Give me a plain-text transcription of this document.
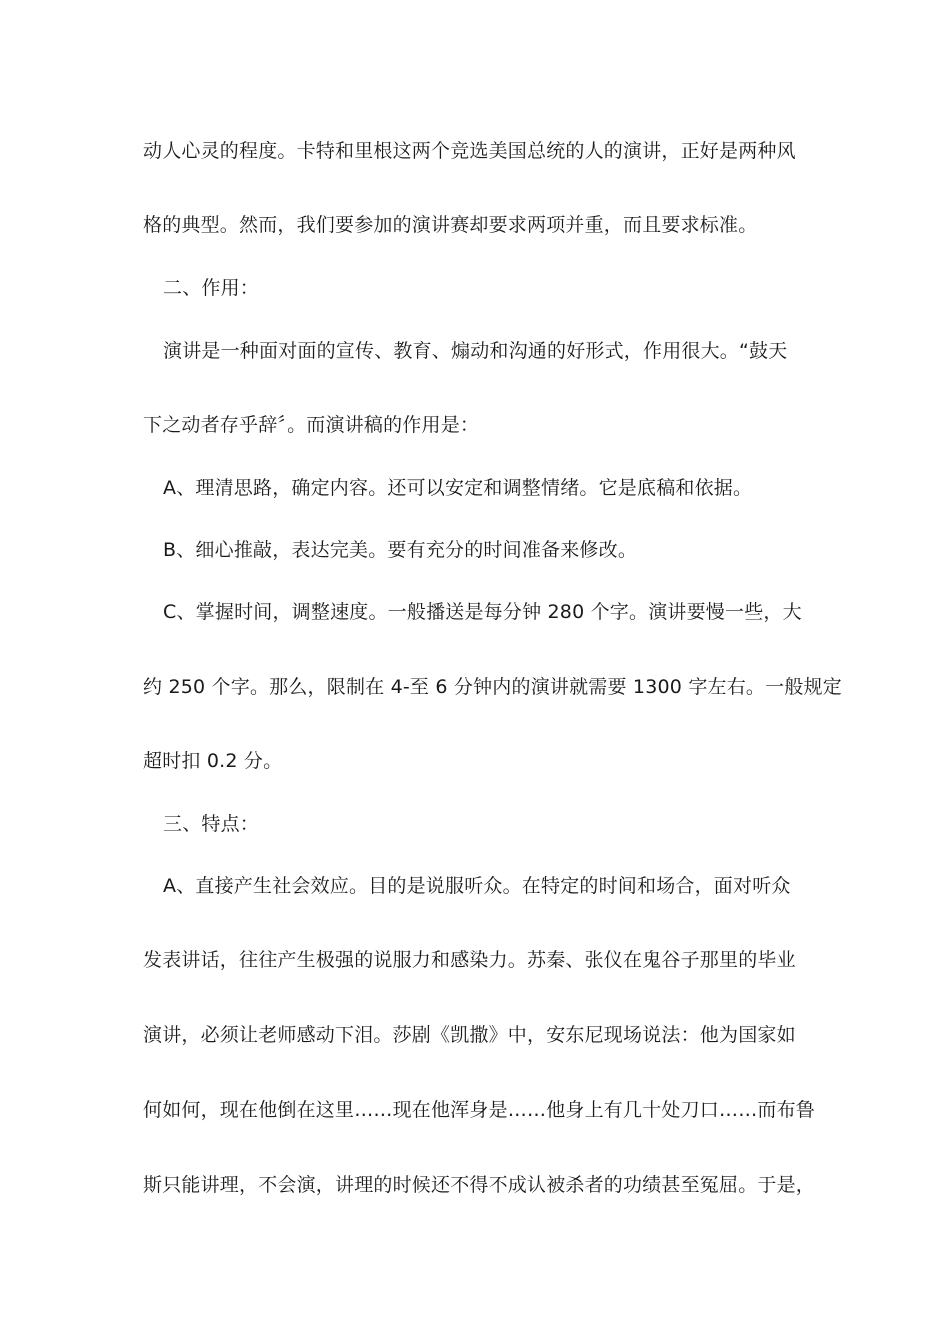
动人心灵的程度。卡特和里根这两个竞选美国总统的人的演讲，正好是两种风
格的典型。然而，我们要参加的演讲赛却要求两项并重，而且要求标准。
二、作用：
演讲是一种面对面的宣传、教育、煽动和沟通的好形式，作用很大。“鼓天
下之动者存乎辞〞。而演讲稿的作用是：
A、理清思路，确定内容。还可以安定和调整情绪。它是底稿和依据。
B、细心推敲，表达完美。要有充分的时间准备来修改。
C、掌握时间，调整速度。一般播送是每分钟 280 个字。演讲要慢一些，大
约 250 个字。那么，限制在 4-至 6 分钟内的演讲就需要 1300 字左右。一般规定
超时扣 0.2 分。
三、特点：
A、直接产生社会效应。目的是说服听众。在特定的时间和场合，面对听众
发表讲话，往往产生极强的说服力和感染力。苏秦、张仪在鬼谷子那里的毕业
演讲，必须让老师感动下泪。莎剧《凯撒》中，安东尼现场说法：他为国家如
何如何，现在他倒在这里……现在他浑身是……他身上有几十处刀口……而布鲁
斯只能讲理，不会演，讲理的时候还不得不成认被杀者的功绩甚至冤屈。于是，
